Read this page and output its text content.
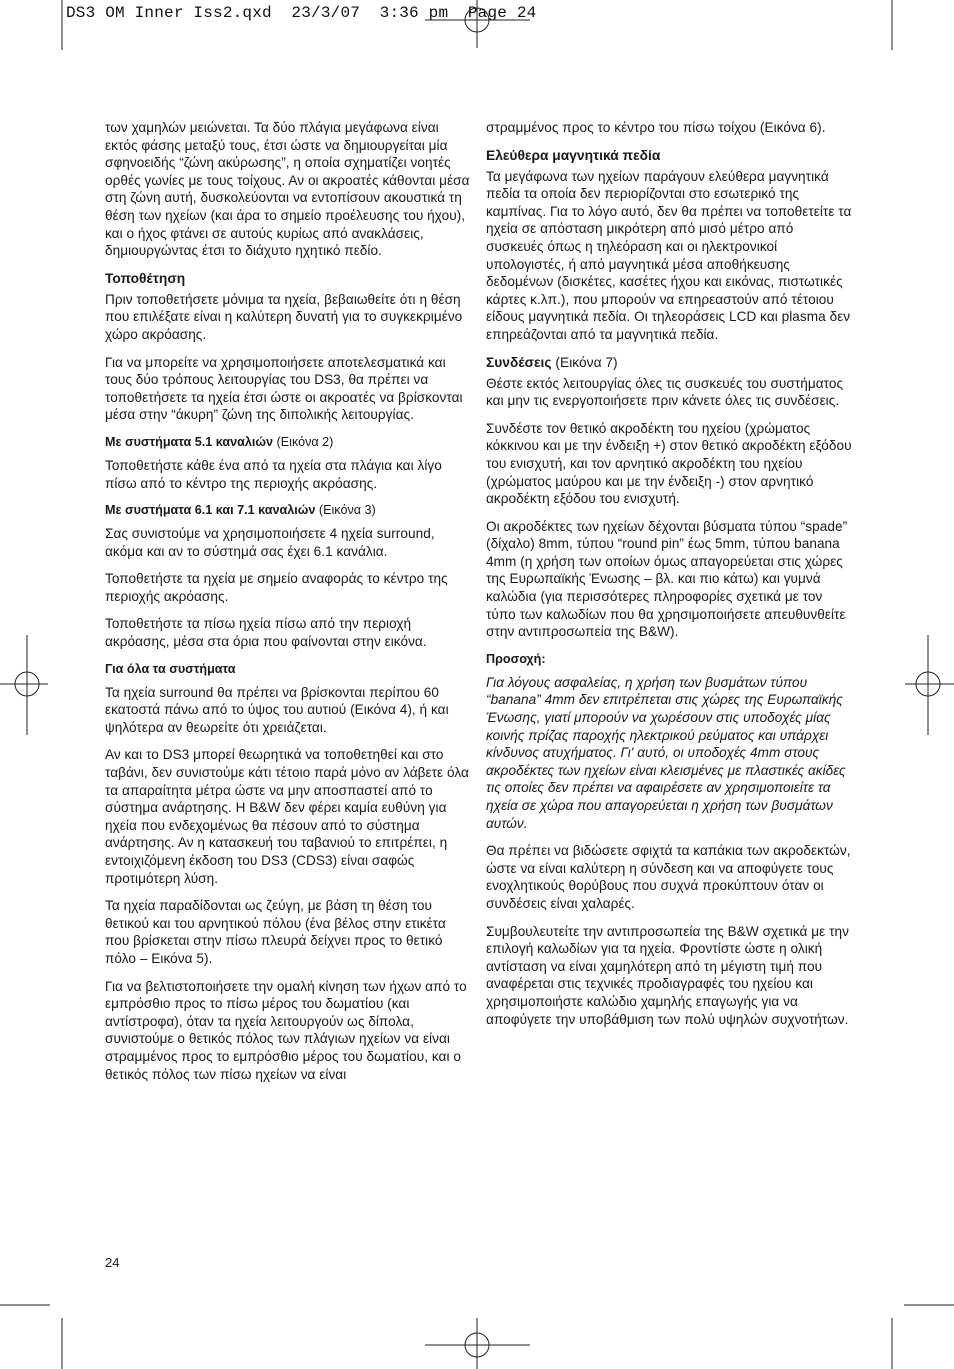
DS3 OM Inner Iss2.qxd  23/3/07  3:36 pm  Page 24

των χαμηλών μειώνεται. Τα δύο πλάγια μεγάφωνα είναι εκτός φάσης μεταξύ τους, έτσι ώστε να δημιουργείται μία σφηνοειδής “ζώνη ακύρωσης”, η οποία σχηματίζει νοητές ορθές γωνίες με τους τοίχους. Αν οι ακροατές κάθονται μέσα στη ζώνη αυτή, δυσκολεύονται να εντοπίσουν ακουστικά τη θέση των ηχείων (και άρα το σημείο προέλευσης του ήχου), και ο ήχος φτάνει σε αυτούς κυρίως από ανακλάσεις, δημιουργώντας έτσι το διάχυτο ηχητικό πεδίο.

Τοποθέτηση

Πριν τοποθετήσετε μόνιμα τα ηχεία, βεβαιωθείτε ότι η θέση που επιλέξατε είναι η καλύτερη δυνατή για το συγκεκριμένο χώρο ακρόασης.

Για να μπορείτε να χρησιμοποιήσετε αποτελεσματικά και τους δύο τρόπους λειτουργίας του DS3, θα πρέπει να τοποθετήσετε τα ηχεία έτσι ώστε οι ακροατές να βρίσκονται μέσα στην “άκυρη” ζώνη της διπολικής λειτουργίας.

Με συστήματα 5.1 καναλιών (Εικόνα 2)

Τοποθετήστε κάθε ένα από τα ηχεία στα πλάγια και λίγο πίσω από το κέντρο της περιοχής ακρόασης.

Με συστήματα 6.1 και 7.1 καναλιών (Εικόνα 3)

Σας συνιστούμε να χρησιμοποιήσετε 4 ηχεία surround, ακόμα και αν το σύστημά σας έχει 6.1 κανάλια.

Τοποθετήστε τα ηχεία με σημείο αναφοράς το κέντρο της περιοχής ακρόασης.

Τοποθετήστε τα πίσω ηχεία πίσω από την περιοχή ακρόασης, μέσα στα όρια που φαίνονται στην εικόνα.

Για όλα τα συστήματα

Τα ηχεία surround θα πρέπει να βρίσκονται περίπου 60 εκατοστά πάνω από το ύψος του αυτιού (Εικόνα 4), ή και ψηλότερα αν θεωρείτε ότι χρειάζεται.

Αν και το DS3 μπορεί θεωρητικά να τοποθετηθεί και στο ταβάνι, δεν συνιστούμε κάτι τέτοιο παρά μόνο αν λάβετε όλα τα απαραίτητα μέτρα ώστε να μην αποσπαστεί από το σύστημα ανάρτησης. Η B&W δεν φέρει καμία ευθύνη για ηχεία που ενδεχομένως θα πέσουν από το σύστημα ανάρτησης. Αν η κατασκευή του ταβανιού το επιτρέπει, η εντοιχιζόμενη έκδοση του DS3 (CDS3) είναι σαφώς προτιμότερη λύση.

Τα ηχεία παραδίδονται ως ζεύγη, με βάση τη θέση του θετικού και του αρνητικού πόλου (ένα βέλος στην ετικέτα που βρίσκεται στην πίσω πλευρά δείχνει προς το θετικό πόλο – Εικόνα 5).

Για να βελτιστοποιήσετε την ομαλή κίνηση των ήχων από το εμπρόσθιο προς το πίσω μέρος του δωματίου (και αντίστροφα), όταν τα ηχεία λειτουργούν ως δίπολα, συνιστούμε ο θετικός πόλος των πλάγιων ηχείων να είναι στραμμένος προς το εμπρόσθιο μέρος του δωματίου, και ο θετικός πόλος των πίσω ηχείων να είναι

στραμμένος προς το κέντρο του πίσω τοίχου (Εικόνα 6).

Ελεύθερα μαγνητικά πεδία

Τα μεγάφωνα των ηχείων παράγουν ελεύθερα μαγνητικά πεδία τα οποία δεν περιορίζονται στο εσωτερικό της καμπίνας. Για το λόγο αυτό, δεν θα πρέπει να τοποθετείτε τα ηχεία σε απόσταση μικρότερη από μισό μέτρο από συσκευές όπως η τηλεόραση και οι ηλεκτρονικοί υπολογιστές, ή από μαγνητικά μέσα αποθήκευσης δεδομένων (δισκέτες, κασέτες ήχου και εικόνας, πιστωτικές κάρτες κ.λπ.), που μπορούν να επηρεαστούν από τέτοιου είδους μαγνητικά πεδία. Οι τηλεοράσεις LCD και plasma δεν επηρεάζονται από τα μαγνητικά πεδία.

Συνδέσεις (Εικόνα 7)

Θέστε εκτός λειτουργίας όλες τις συσκευές του συστήματος και μην τις ενεργοποιήσετε πριν κάνετε όλες τις συνδέσεις.

Συνδέστε τον θετικό ακροδέκτη του ηχείου (χρώματος κόκκινου και με την ένδειξη +) στον θετικό ακροδέκτη εξόδου του ενισχυτή, και τον αρνητικό ακροδέκτη του ηχείου (χρώματος μαύρου και με την ένδειξη -) στον αρνητικό ακροδέκτη εξόδου του ενισχυτή.

Οι ακροδέκτες των ηχείων δέχονται βύσματα τύπου “spade” (δίχαλο) 8mm, τύπου “round pin” έως 5mm, τύπου banana 4mm (η χρήση των οποίων όμως απαγορεύεται στις χώρες της Ευρωπαϊκής Ένωσης – βλ. και πιο κάτω) και γυμνά καλώδια (για περισσότερες πληροφορίες σχετικά με τον τύπο των καλωδίων που θα χρησιμοποιήσετε απευθυνθείτε στην αντιπροσωπεία της B&W).

Προσοχή:

Για λόγους ασφαλείας, η χρήση των βυσμάτων τύπου “banana” 4mm δεν επιτρέπεται στις χώρες της Ευρωπαϊκής Ένωσης, γιατί μπορούν να χωρέσουν στις υποδοχές μίας κοινής πρίζας παροχής ηλεκτρικού ρεύματος και υπάρχει κίνδυνος ατυχήματος. Γι' αυτό, οι υποδοχές 4mm στους ακροδέκτες των ηχείων είναι κλεισμένες με πλαστικές ακίδες τις οποίες δεν πρέπει να αφαιρέσετε αν χρησιμοποιείτε τα ηχεία σε χώρα που απαγορεύεται η χρήση των βυσμάτων αυτών.

Θα πρέπει να βιδώσετε σφιχτά τα καπάκια των ακροδεκτών, ώστε να είναι καλύτερη η σύνδεση και να αποφύγετε τους ενοχλητικούς θορύβους που συχνά προκύπτουν όταν οι συνδέσεις είναι χαλαρές.

Συμβουλευτείτε την αντιπροσωπεία της B&W σχετικά με την επιλογή καλωδίων για τα ηχεία. Φροντίστε ώστε η ολική αντίσταση να είναι χαμηλότερη από τη μέγιστη τιμή που αναφέρεται στις τεχνικές προδιαγραφές του ηχείου και χρησιμοποιήστε καλώδιο χαμηλής επαγωγής για να αποφύγετε την υποβάθμιση των πολύ υψηλών συχνοτήτων.

24
